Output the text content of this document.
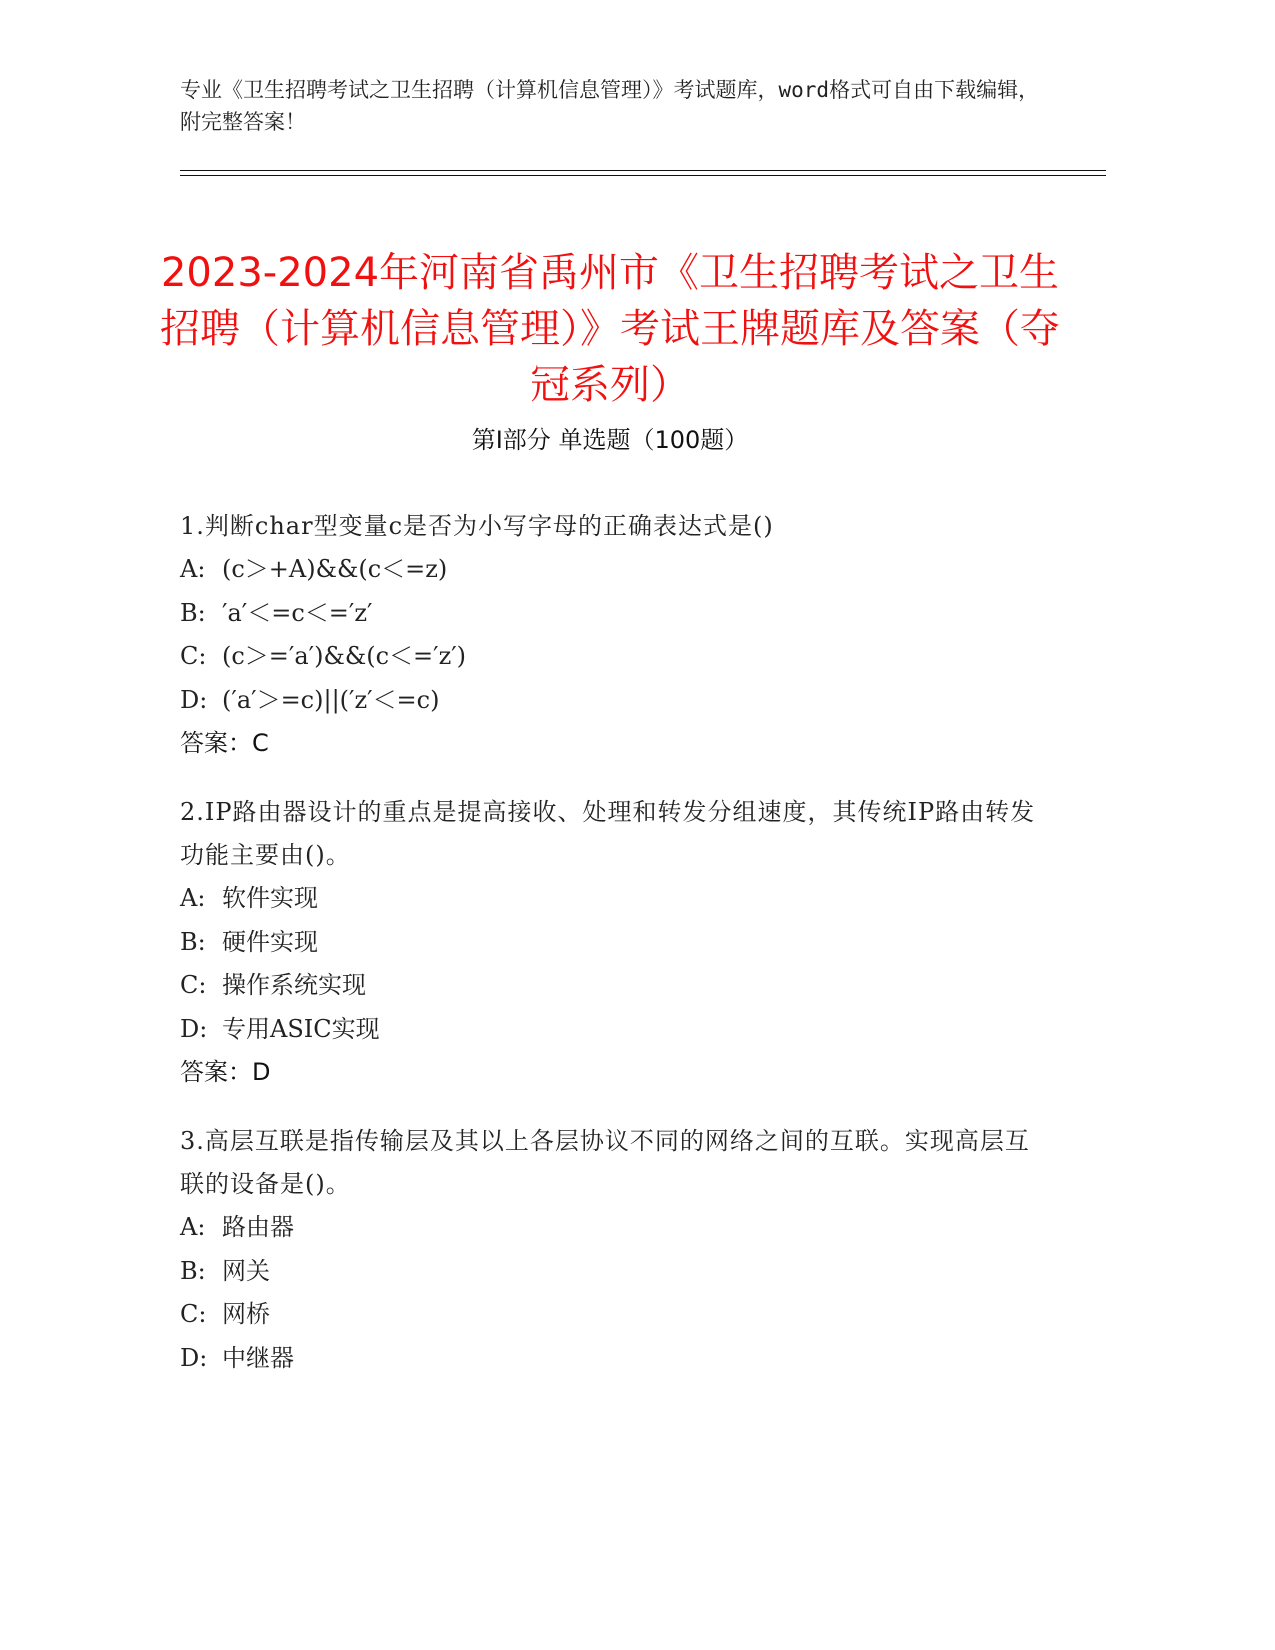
专业《卫生招聘考试之卫生招聘（计算机信息管理）》考试题库，word格式可自由下载编辑，附完整答案！
2023-2024年河南省禹州市《卫生招聘考试之卫生招聘（计算机信息管理）》考试王牌题库及答案（夺冠系列）
第Ⅰ部分 单选题（100题）
1.判断char型变量c是否为小写字母的正确表达式是()
A: (c＞+A)&&(c＜=z)
B: ′a′＜=c＜=′z′
C: (c＞=′a′)&&(c＜=′z′)
D: (′a′＞=c)||(′z′＜=c)
答案：C
2.IP路由器设计的重点是提高接收、处理和转发分组速度，其传统IP路由转发功能主要由()。
A: 软件实现
B: 硬件实现
C: 操作系统实现
D: 专用ASIC实现
答案：D
3.高层互联是指传输层及其以上各层协议不同的网络之间的互联。实现高层互联的设备是()。
A: 路由器
B: 网关
C: 网桥
D: 中继器
